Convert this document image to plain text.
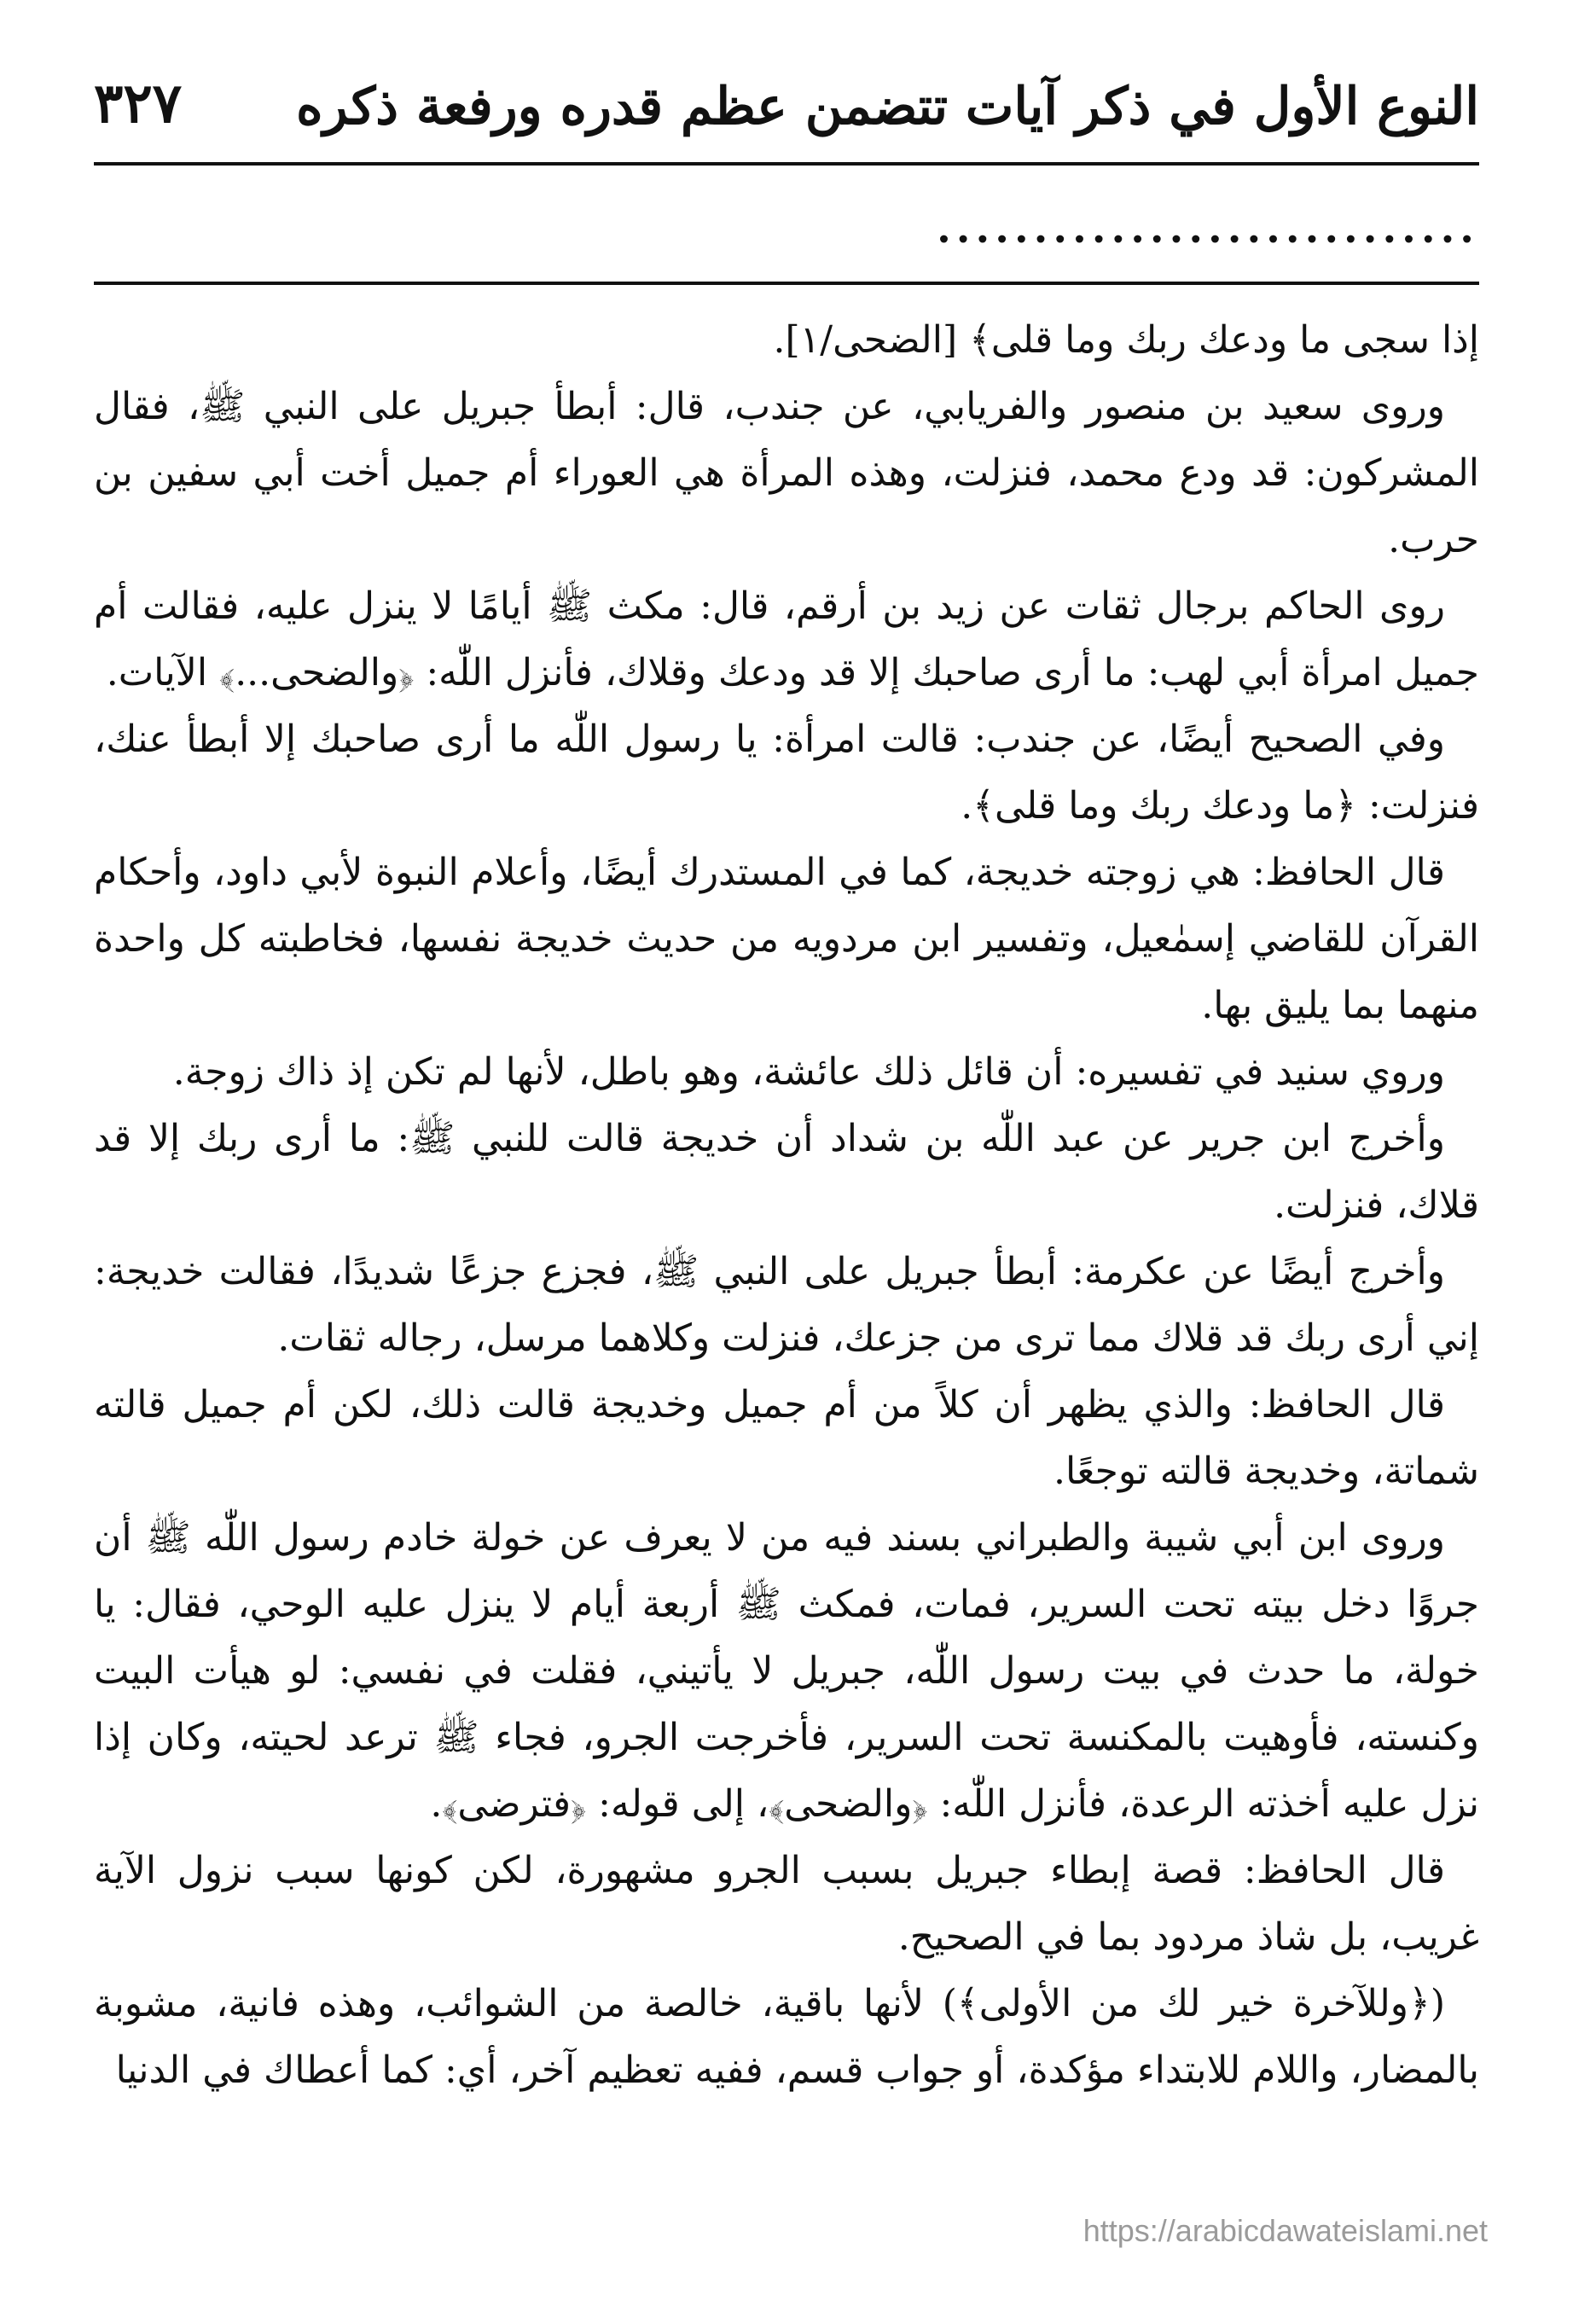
النوع الأول في ذكر آيات تتضمن عظم قدره ورفعة ذكره
٣٢٧
............................

إذا سجى ما ودعك ربك وما قلى﴾ [الضحى/١].

وروى سعيد بن منصور والفريابي، عن جندب، قال: أبطأ جبريل على النبي ﷺ، فقال المشركون: قد ودع محمد، فنزلت، وهذه المرأة هي العوراء أم جميل أخت أبي سفين بن حرب.

روى الحاكم برجال ثقات عن زيد بن أرقم، قال: مكث ﷺ أيامًا لا ينزل عليه، فقالت أم جميل امرأة أبي لهب: ما أرى صاحبك إلا قد ودعك وقلاك، فأنزل اللّٰه: ﴿والضحى...﴾ الآيات.

وفي الصحيح أيضًا، عن جندب: قالت امرأة: يا رسول اللّٰه ما أرى صاحبك إلا أبطأ عنك، فنزلت: ﴿ما ودعك ربك وما قلى﴾.

قال الحافظ: هي زوجته خديجة، كما في المستدرك أيضًا، وأعلام النبوة لأبي داود، وأحكام القرآن للقاضي إسمٰعيل، وتفسير ابن مردويه من حديث خديجة نفسها، فخاطبته كل واحدة منهما بما يليق بها.

وروي سنيد في تفسيره: أن قائل ذلك عائشة، وهو باطل، لأنها لم تكن إذ ذاك زوجة.

وأخرج ابن جرير عن عبد اللّٰه بن شداد أن خديجة قالت للنبي ﷺ: ما أرى ربك إلا قد قلاك، فنزلت.

وأخرج أيضًا عن عكرمة: أبطأ جبريل على النبي ﷺ، فجزع جزعًا شديدًا، فقالت خديجة: إني أرى ربك قد قلاك مما ترى من جزعك، فنزلت وكلاهما مرسل، رجاله ثقات.

قال الحافظ: والذي يظهر أن كلاً من أم جميل وخديجة قالت ذلك، لكن أم جميل قالته شماتة، وخديجة قالته توجعًا.

وروى ابن أبي شيبة والطبراني بسند فيه من لا يعرف عن خولة خادم رسول اللّٰه ﷺ أن جروًا دخل بيته تحت السرير، فمات، فمكث ﷺ أربعة أيام لا ينزل عليه الوحي، فقال: يا خولة، ما حدث في بيت رسول اللّٰه، جبريل لا يأتيني، فقلت في نفسي: لو هيأت البيت وكنسته، فأوهيت بالمكنسة تحت السرير، فأخرجت الجرو، فجاء ﷺ ترعد لحيته، وكان إذا نزل عليه أخذته الرعدة، فأنزل اللّٰه: ﴿والضحى﴾، إلى قوله: ﴿فترضى﴾.

قال الحافظ: قصة إبطاء جبريل بسبب الجرو مشهورة، لكن كونها سبب نزول الآية غريب، بل شاذ مردود بما في الصحيح.

(﴿وللآخرة خير لك من الأولى﴾) لأنها باقية، خالصة من الشوائب، وهذه فانية، مشوبة بالمضار، واللام للابتداء مؤكدة، أو جواب قسم، ففيه تعظيم آخر، أي: كما أعطاك في الدنيا

https://arabicdawateislami.net
